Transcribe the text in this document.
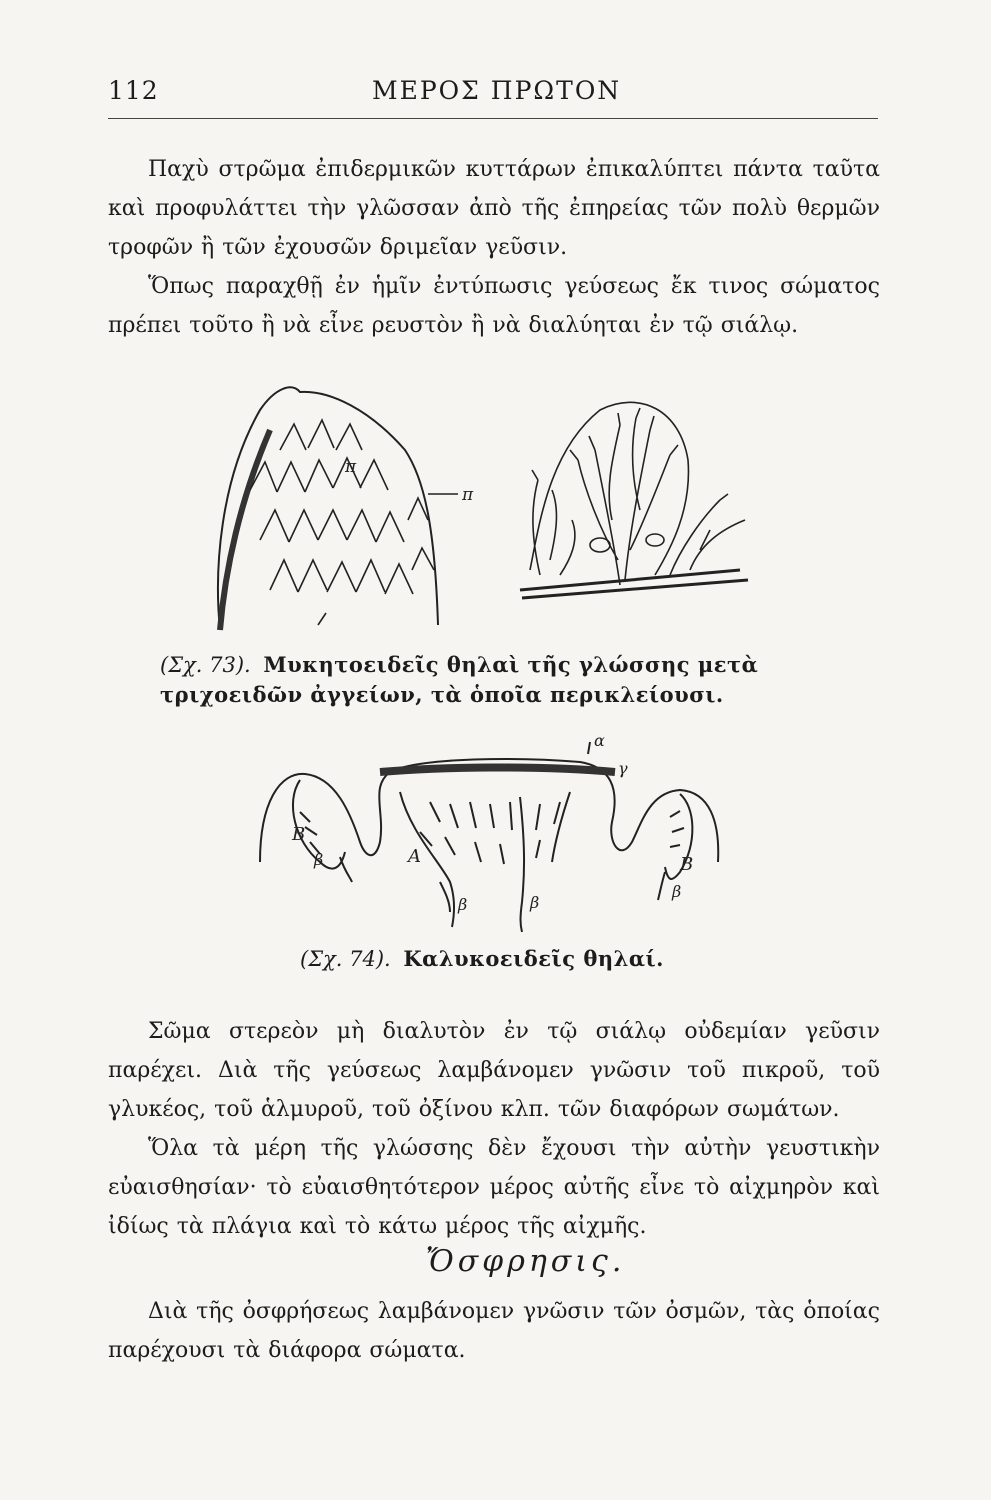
112	ΜΕΡΟΣ ΠΡΩΤΟΝ

Παχὺ στρῶμα ἐπιδερμικῶν κυττάρων ἐπικαλύπτει πάντα ταῦτα καὶ προφυλάττει τὴν γλῶσσαν ἀπὸ τῆς ἐπηρείας τῶν πολὺ θερμῶν τροφῶν ἢ τῶν ἐχουσῶν δριμεῖαν γεῦσιν.

Ὅπως παραχθῇ ἐν ἡμῖν ἐντύπωσις γεύσεως ἔκ τινος σώματος πρέπει τοῦτο ἢ νὰ εἶνε ρευστὸν ἢ νὰ διαλύηται ἐν τῷ σιάλῳ.

π
π
(Σχ. 73). Μυκητοειδεῖς θηλαὶ τῆς γλώσσης μετὰ τριχοειδῶν ἀγγείων, τὰ ὁποῖα περικλείουσι.
α
γ
A
B
B
β
β	β
β
(Σχ. 74). Καλυκοειδεῖς θηλαί.

Σῶμα στερεὸν μὴ διαλυτὸν ἐν τῷ σιάλῳ οὐδεμίαν γεῦσιν παρέχει. Διὰ τῆς γεύσεως λαμβάνομεν γνῶσιν τοῦ πικροῦ, τοῦ γλυκέος, τοῦ ἁλμυροῦ, τοῦ ὀξίνου κλπ. τῶν διαφόρων σωμάτων.

Ὅλα τὰ μέρη τῆς γλώσσης δὲν ἔχουσι τὴν αὐτὴν γευστικὴν εὐαισθησίαν· τὸ εὐαισθητότερον μέρος αὐτῆς εἶνε τὸ αἰχμηρὸν καὶ ἰδίως τὰ πλάγια καὶ τὸ κάτω μέρος τῆς αἰχμῆς.

Ὄσφρησις.

Διὰ τῆς ὀσφρήσεως λαμβάνομεν γνῶσιν τῶν ὀσμῶν, τὰς ὁποίας παρέχουσι τὰ διάφορα σώματα.
